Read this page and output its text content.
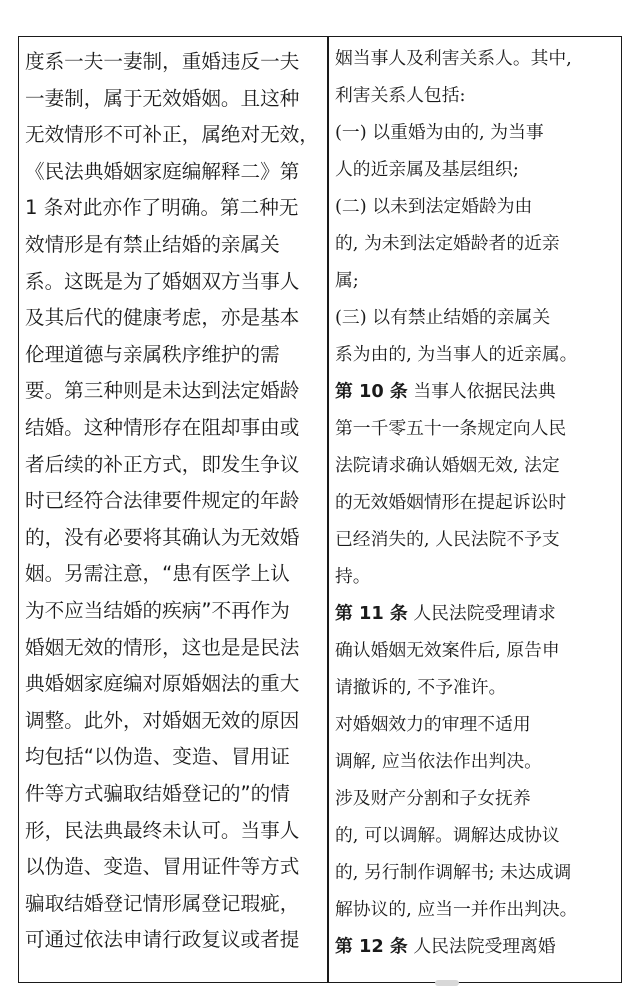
度系一夫一妻制，重婚违反一夫
一妻制，属于无效婚姻。且这种
无效情形不可补正，属绝对无效，
《民法典婚姻家庭编解释二》第
1 条对此亦作了明确。第二种无
效情形是有禁止结婚的亲属关
系。这既是为了婚姻双方当事人
及其后代的健康考虑，亦是基本
伦理道德与亲属秩序维护的需
要。第三种则是未达到法定婚龄
结婚。这种情形存在阻却事由或
者后续的补正方式，即发生争议
时已经符合法律要件规定的年龄
的，没有必要将其确认为无效婚
姻。另需注意，“患有医学上认
为不应当结婚的疾病”不再作为
婚姻无效的情形，这也是是民法
典婚姻家庭编对原婚姻法的重大
调整。此外，对婚姻无效的原因
均包括“以伪造、变造、冒用证
件等方式骗取结婚登记的”的情
形，民法典最终未认可。当事人
以伪造、变造、冒用证件等方式
骗取结婚登记情形属登记瑕疵，
可通过依法申请行政复议或者提
姻当事人及利害关系人。其中,
利害关系人包括:
(一) 以重婚为由的, 为当事
人的近亲属及基层组织;
(二) 以未到法定婚龄为由
的, 为未到法定婚龄者的近亲
属;
(三) 以有禁止结婚的亲属关
系为由的, 为当事人的近亲属。
第 10 条 当事人依据民法典
第一千零五十一条规定向人民
法院请求确认婚姻无效, 法定
的无效婚姻情形在提起诉讼时
已经消失的, 人民法院不予支
持。
第 11 条 人民法院受理请求
确认婚姻无效案件后, 原告申
请撤诉的, 不予准许。
对婚姻效力的审理不适用
调解, 应当依法作出判决。
涉及财产分割和子女抚养
的, 可以调解。调解达成协议
的, 另行制作调解书; 未达成调
解协议的, 应当一并作出判决。
第 12 条 人民法院受理离婚
